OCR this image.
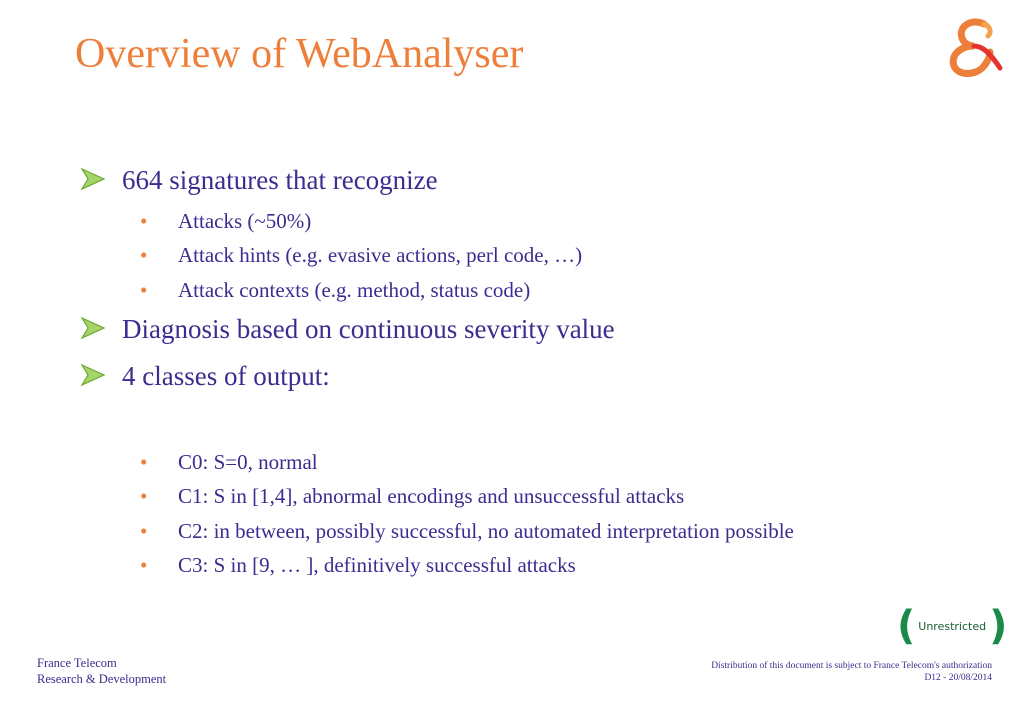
Overview of WebAnalyser
664 signatures that recognize
• Attacks (~50%)
• Attack hints (e.g. evasive actions, perl code, …)
• Attack contexts (e.g. method, status code)
Diagnosis based on continuous severity value
4 classes of output:
• C0: S=0, normal
• C1: S in [1,4], abnormal encodings and unsuccessful attacks
• C2: in between, possibly successful, no automated interpretation possible
• C3: S in [9, … ], definitively successful attacks
( Unrestricted )
France Telecom
Research & Development
Distribution of this document is subject to France Telecom's authorization
D12 - 20/08/2014
